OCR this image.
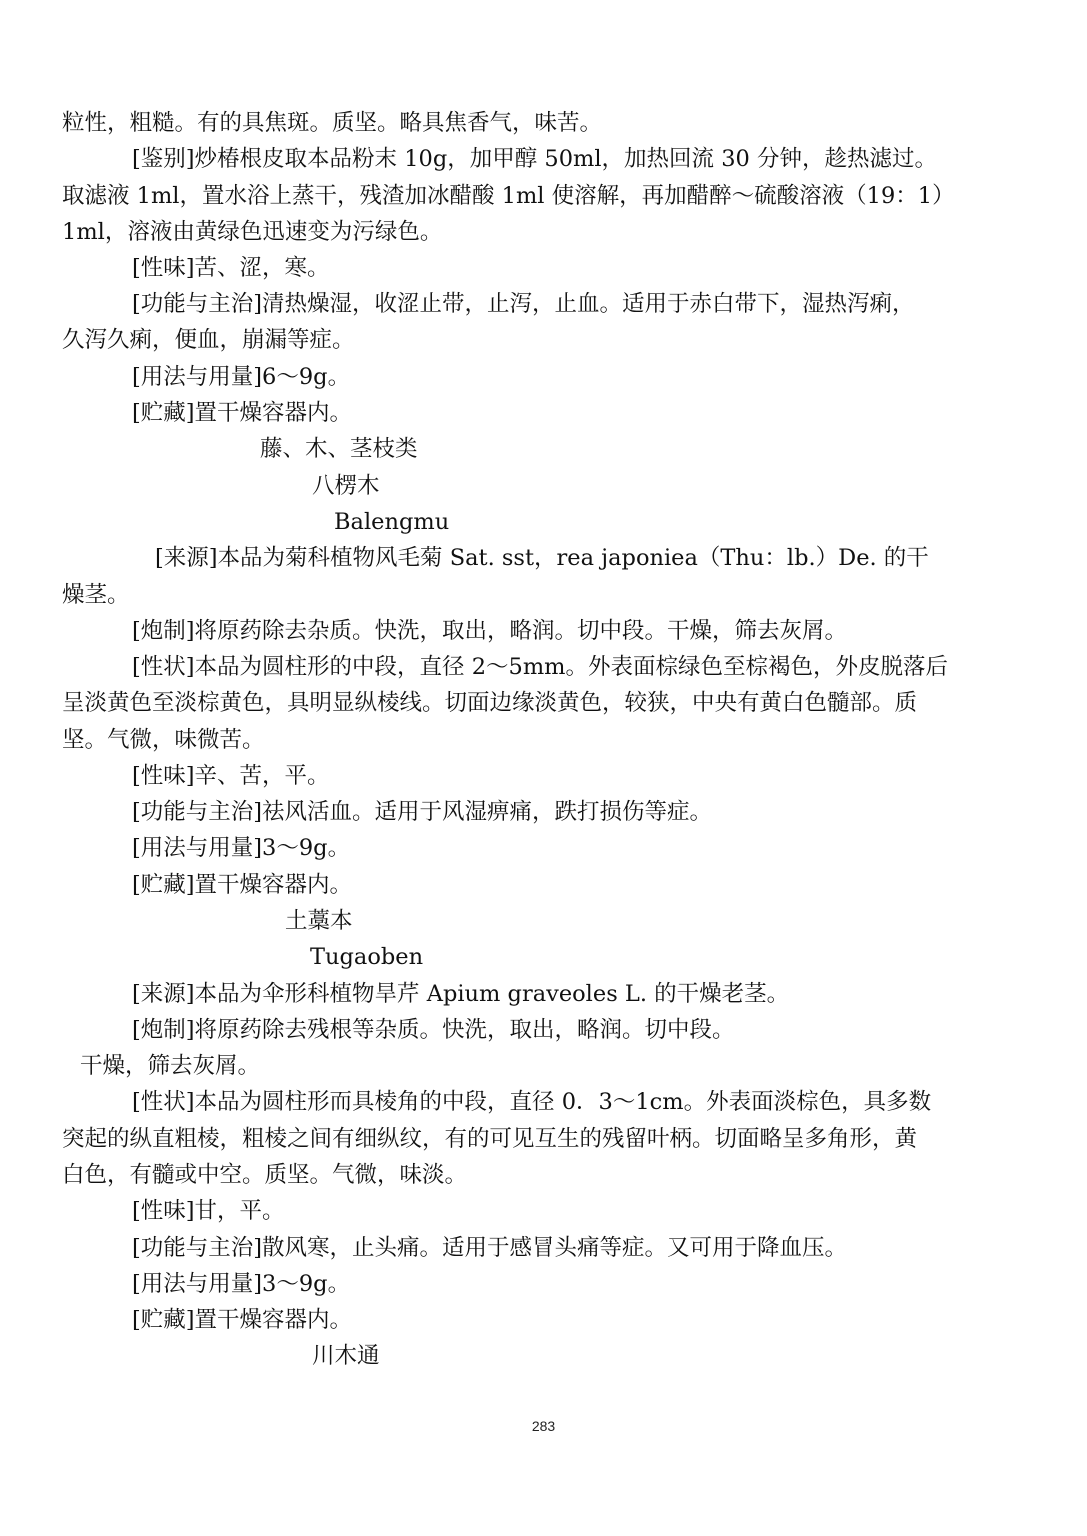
粒性，粗糙。有的具焦斑。质坚。略具焦香气，味苦。
[鉴别]炒椿根皮取本品粉末 10g，加甲醇 50ml，加热回流 30 分钟，趁热滤过。
取滤液 1ml，置水浴上蒸干，残渣加冰醋酸 1ml 使溶解，再加醋醉～硫酸溶液（19：1）
1ml，溶液由黄绿色迅速变为污绿色。
[性味]苦、涩，寒。
[功能与主治]清热燥湿，收涩止带，止泻，止血。适用于赤白带下，湿热泻痢，
久泻久痢，便血，崩漏等症。
[用法与用量]6～9g。
[贮藏]置干燥容器内。
藤、木、茎枝类
八楞木
Balengmu
[来源]本品为菊科植物风毛菊 Sat. sst，rea japoniea（Thu：lb.）De. 的干
燥茎。
[炮制]将原药除去杂质。快洗，取出，略润。切中段。干燥，筛去灰屑。
[性状]本品为圆柱形的中段，直径 2～5mm。外表面棕绿色至棕褐色，外皮脱落后
呈淡黄色至淡棕黄色，具明显纵棱线。切面边缘淡黄色，较狭，中央有黄白色髓部。质
坚。气微，味微苦。
[性味]辛、苦，平。
[功能与主治]祛风活血。适用于风湿痹痛，跌打损伤等症。
[用法与用量]3～9g。
[贮藏]置干燥容器内。
土藁本
Tugaoben
[来源]本品为伞形科植物旱芹 Apium graveoles L. 的干燥老茎。
[炮制]将原药除去残根等杂质。快洗，取出，略润。切中段。
干燥，筛去灰屑。
[性状]本品为圆柱形而具棱角的中段，直径 0．3～1cm。外表面淡棕色，具多数
突起的纵直粗棱，粗棱之间有细纵纹，有的可见互生的残留叶柄。切面略呈多角形，黄
白色，有髓或中空。质坚。气微，味淡。
[性味]甘，平。
[功能与主治]散风寒，止头痛。适用于感冒头痛等症。又可用于降血压。
[用法与用量]3～9g。
[贮藏]置干燥容器内。
川木通
283
